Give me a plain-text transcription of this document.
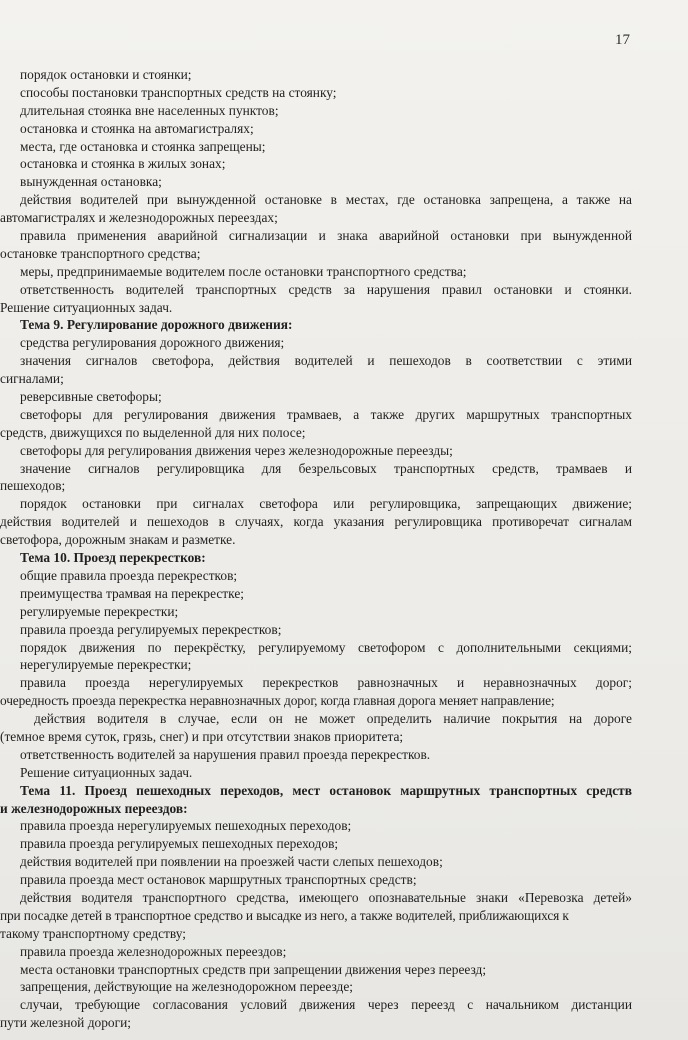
17
порядок остановки и стоянки;
способы постановки транспортных средств на стоянку;
длительная стоянка вне населенных пунктов;
остановка и стоянка на автомагистралях;
места, где остановка и стоянка запрещены;
остановка и стоянка в жилых зонах;
вынужденная остановка;
действия водителей при вынужденной остановке в местах, где остановка запрещена, а также на
автомагистралях и железнодорожных переездах;
правила применения аварийной сигнализации и знака аварийной остановки при вынужденной
остановке транспортного средства;
меры, предпринимаемые водителем после остановки транспортного средства;
ответственность водителей транспортных средств за нарушения правил остановки и стоянки.
Решение ситуационных задач.
Тема 9. Регулирование дорожного движения:
средства регулирования дорожного движения;
значения сигналов светофора, действия водителей и пешеходов в соответствии с этими
сигналами;
реверсивные светофоры;
светофоры для регулирования движения трамваев, а также других маршрутных транспортных
средств, движущихся по выделенной для них полосе;
светофоры для регулирования движения через железнодорожные переезды;
значение сигналов регулировщика для безрельсовых транспортных средств, трамваев и
пешеходов;
порядок остановки при сигналах светофора или регулировщика, запрещающих движение;
действия водителей и пешеходов в случаях, когда указания регулировщика противоречат сигналам
светофора, дорожным знакам и разметке.
Тема 10. Проезд перекрестков:
общие правила проезда перекрестков;
преимущества трамвая на перекрестке;
регулируемые перекрестки;
правила проезда регулируемых перекрестков;
порядок движения по перекрёстку, регулируемому светофором с дополнительными секциями;
нерегулируемые перекрестки;
правила проезда нерегулируемых перекрестков равнозначных и неравнозначных дорог;
очередность проезда перекрестка неравнозначных дорог, когда главная дорога меняет направление;
действия водителя в случае, если он не может определить наличие покрытия на дороге
(темное время суток, грязь, снег) и при отсутствии знаков приоритета;
ответственность водителей за нарушения правил проезда перекрестков.
Решение ситуационных задач.
Тема 11. Проезд пешеходных переходов, мест остановок маршрутных транспортных средств
и железнодорожных переездов:
правила проезда нерегулируемых пешеходных переходов;
правила проезда регулируемых пешеходных переходов;
действия водителей при появлении на проезжей части слепых пешеходов;
правила проезда мест остановок маршрутных транспортных средств;
действия водителя транспортного средства, имеющего опознавательные знаки «Перевозка детей»
при посадке детей в транспортное средство и высадке из него, а также водителей, приближающихся к
такому транспортному средству;
правила проезда железнодорожных переездов;
места остановки транспортных средств при запрещении движения через переезд;
запрещения, действующие на железнодорожном переезде;
случаи, требующие согласования условий движения через переезд с начальником дистанции
пути железной дороги;
